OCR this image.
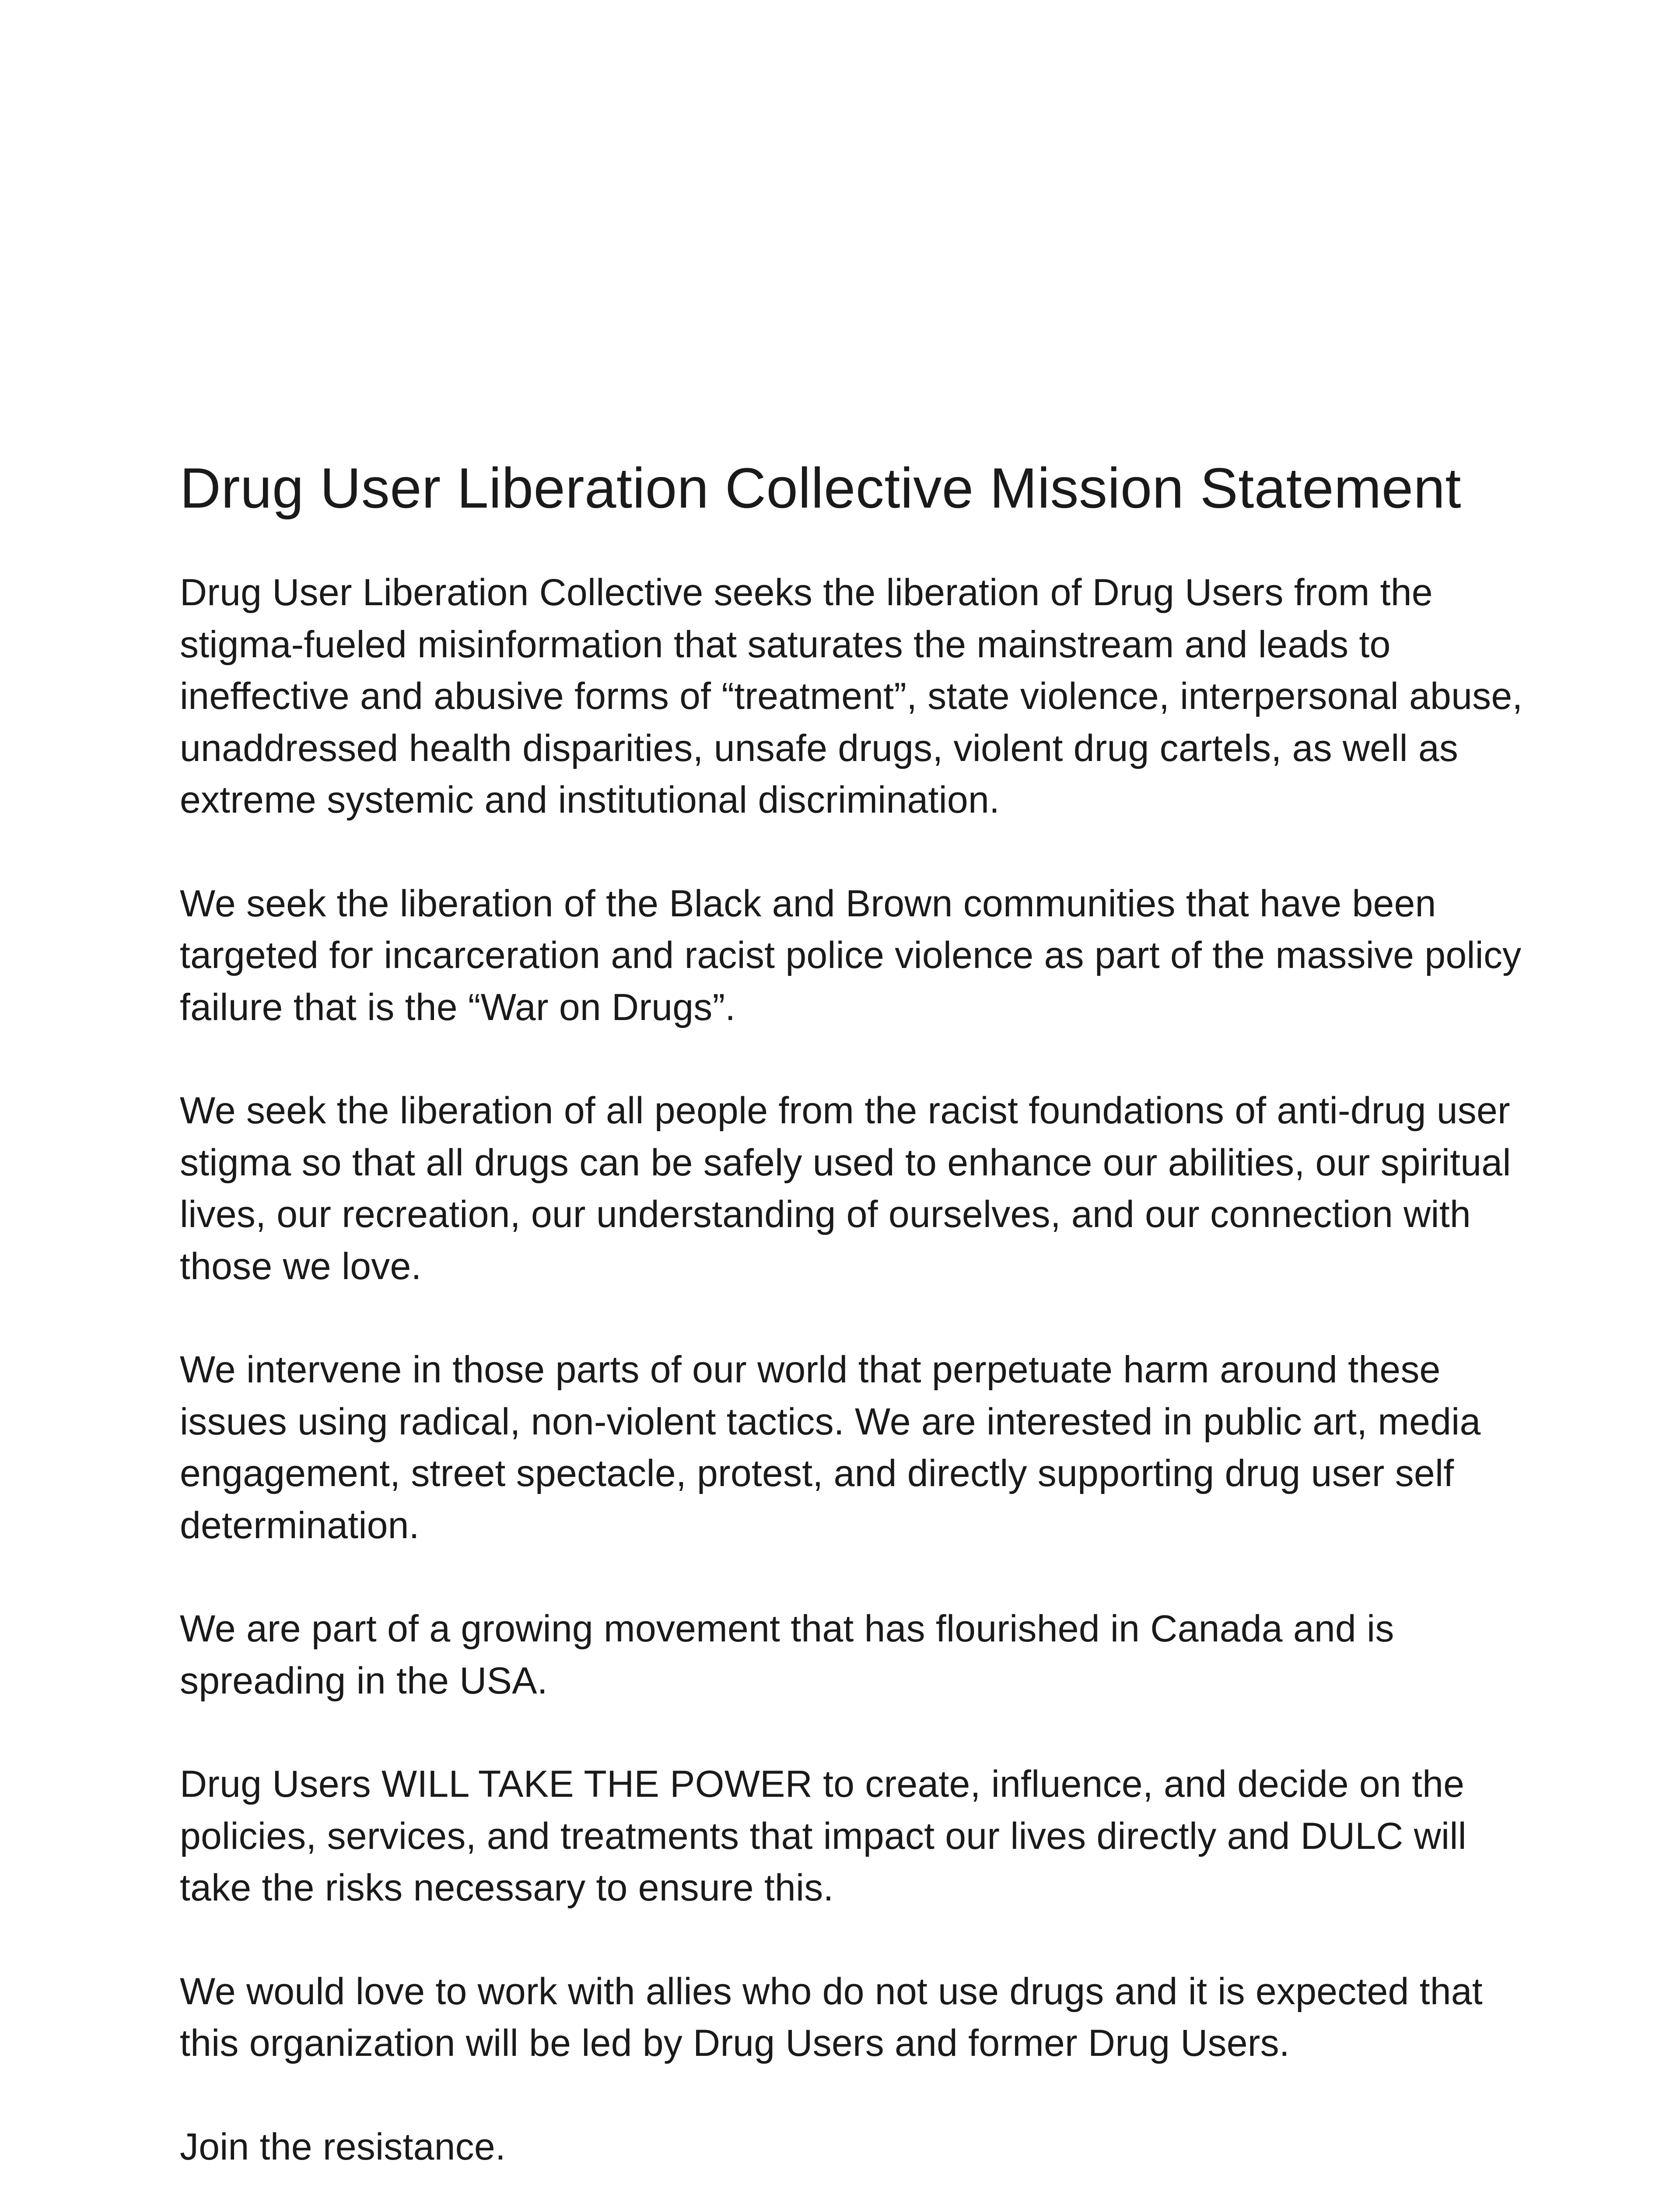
Drug User Liberation Collective Mission Statement

Drug User Liberation Collective seeks the liberation of Drug Users from the
stigma-fueled misinformation that saturates the mainstream and leads to
ineffective and abusive forms of “treatment”, state violence, interpersonal abuse,
unaddressed health disparities, unsafe drugs, violent drug cartels, as well as
extreme systemic and institutional discrimination.

We seek the liberation of the Black and Brown communities that have been
targeted for incarceration and racist police violence as part of the massive policy
failure that is the “War on Drugs”.

We seek the liberation of all people from the racist foundations of anti-drug user
stigma so that all drugs can be safely used to enhance our abilities, our spiritual
lives, our recreation, our understanding of ourselves, and our connection with
those we love.

We intervene in those parts of our world that perpetuate harm around these
issues using radical, non-violent tactics. We are interested in public art, media
engagement, street spectacle, protest, and directly supporting drug user self
determination.

We are part of a growing movement that has flourished in Canada and is
spreading in the USA.

Drug Users WILL TAKE THE POWER to create, influence, and decide on the
policies, services, and treatments that impact our lives directly and DULC will
take the risks necessary to ensure this.

We would love to work with allies who do not use drugs and it is expected that
this organization will be led by Drug Users and former Drug Users.

Join the resistance.
